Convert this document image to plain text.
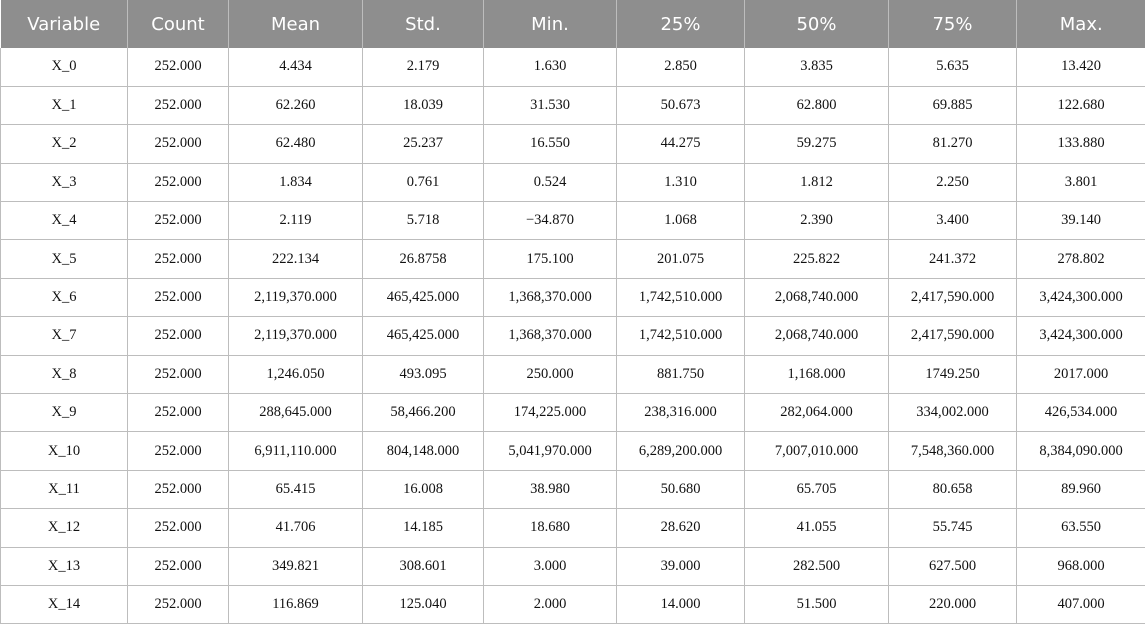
Variable	Count	Mean	Std.	Min.	25%	50%	75%	Max.
X_0	252.000	4.434	2.179	1.630	2.850	3.835	5.635	13.420
X_1	252.000	62.260	18.039	31.530	50.673	62.800	69.885	122.680
X_2	252.000	62.480	25.237	16.550	44.275	59.275	81.270	133.880
X_3	252.000	1.834	0.761	0.524	1.310	1.812	2.250	3.801
X_4	252.000	2.119	5.718	−34.870	1.068	2.390	3.400	39.140
X_5	252.000	222.134	26.8758	175.100	201.075	225.822	241.372	278.802
X_6	252.000	2,119,370.000	465,425.000	1,368,370.000	1,742,510.000	2,068,740.000	2,417,590.000	3,424,300.000
X_7	252.000	2,119,370.000	465,425.000	1,368,370.000	1,742,510.000	2,068,740.000	2,417,590.000	3,424,300.000
X_8	252.000	1,246.050	493.095	250.000	881.750	1,168.000	1749.250	2017.000
X_9	252.000	288,645.000	58,466.200	174,225.000	238,316.000	282,064.000	334,002.000	426,534.000
X_10	252.000	6,911,110.000	804,148.000	5,041,970.000	6,289,200.000	7,007,010.000	7,548,360.000	8,384,090.000
X_11	252.000	65.415	16.008	38.980	50.680	65.705	80.658	89.960
X_12	252.000	41.706	14.185	18.680	28.620	41.055	55.745	63.550
X_13	252.000	349.821	308.601	3.000	39.000	282.500	627.500	968.000
X_14	252.000	116.869	125.040	2.000	14.000	51.500	220.000	407.000
